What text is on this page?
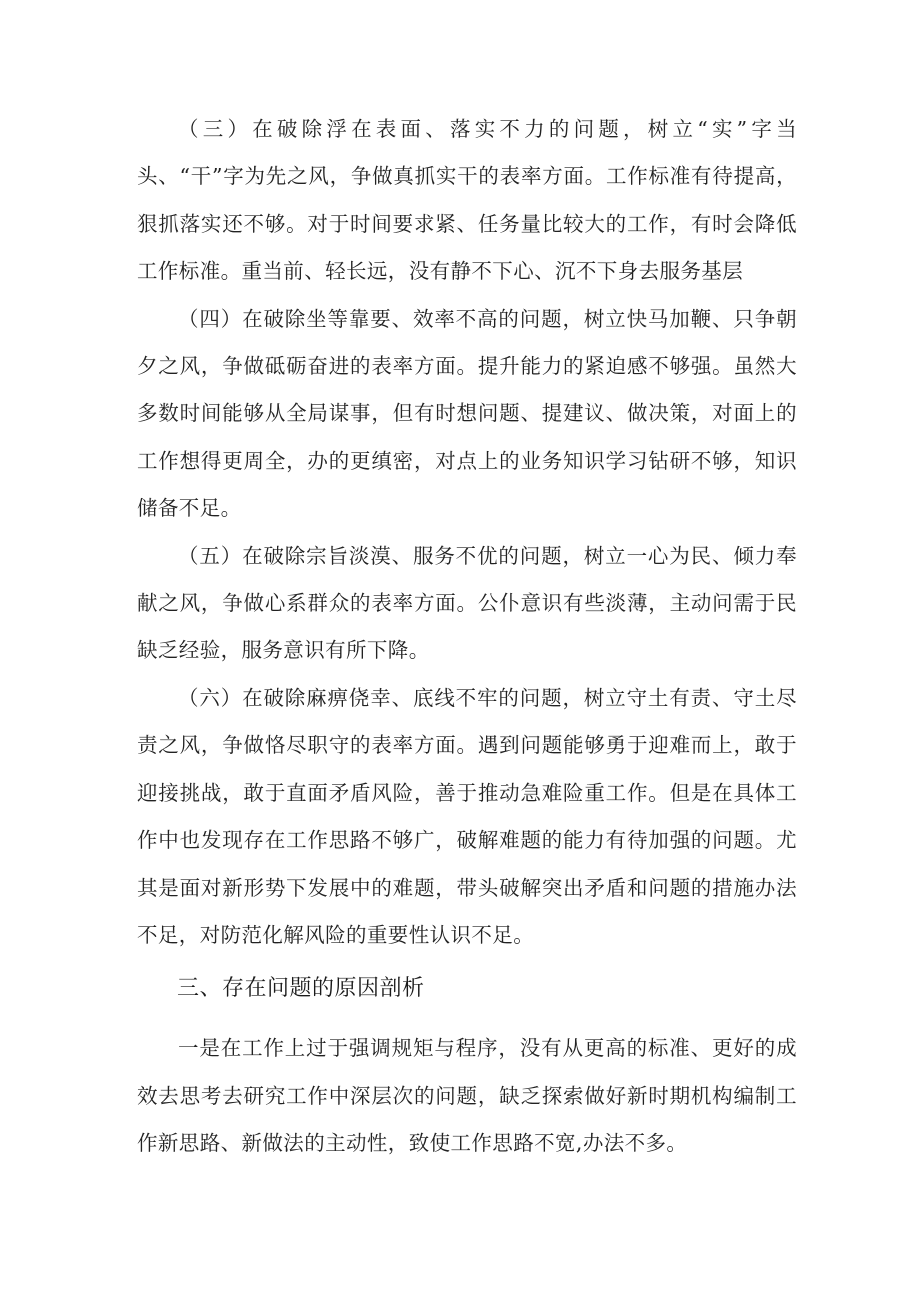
（三）在破除浮在表面、落实不力的问题，树立“实”字当头、“干”字为先之风，争做真抓实干的表率方面。工作标准有待提高，狠抓落实还不够。对于时间要求紧、任务量比较大的工作，有时会降低工作标准。重当前、轻长远，没有静不下心、沉不下身去服务基层

（四）在破除坐等靠要、效率不高的问题，树立快马加鞭、只争朝夕之风，争做砥砺奋进的表率方面。提升能力的紧迫感不够强。虽然大多数时间能够从全局谋事，但有时想问题、提建议、做决策，对面上的工作想得更周全，办的更缜密，对点上的业务知识学习钻研不够，知识储备不足。

（五）在破除宗旨淡漠、服务不优的问题，树立一心为民、倾力奉献之风，争做心系群众的表率方面。公仆意识有些淡薄，主动问需于民缺乏经验，服务意识有所下降。

（六）在破除麻痹侥幸、底线不牢的问题，树立守土有责、守土尽责之风，争做恪尽职守的表率方面。遇到问题能够勇于迎难而上，敢于迎接挑战，敢于直面矛盾风险，善于推动急难险重工作。但是在具体工作中也发现存在工作思路不够广，破解难题的能力有待加强的问题。尤其是面对新形势下发展中的难题，带头破解突出矛盾和问题的措施办法不足，对防范化解风险的重要性认识不足。

三、存在问题的原因剖析

一是在工作上过于强调规矩与程序，没有从更高的标准、更好的成效去思考去研究工作中深层次的问题，缺乏探索做好新时期机构编制工作新思路、新做法的主动性，致使工作思路不宽,办法不多。
